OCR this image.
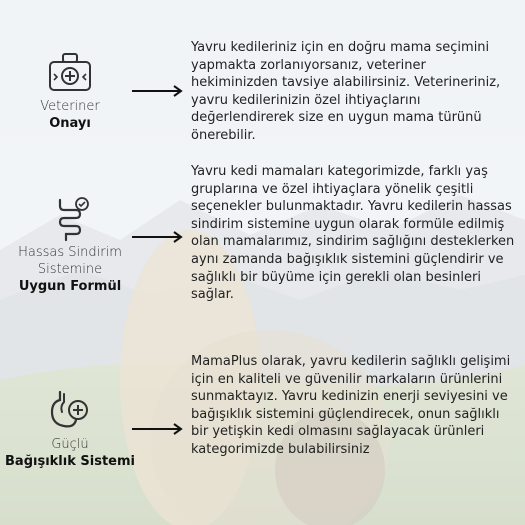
Veteriner
Onayı
Yavru kedileriniz için en doğru mama seçimini yapmakta zorlanıyorsanız, veteriner hekiminizden tavsiye alabilirsiniz. Veterineriniz, yavru kedilerinizin özel ihtiyaçlarını değerlendirerek size en uygun mama türünü önerebilir.
Hassas Sindirim
Sistemine
Uygun Formül
Yavru kedi mamaları kategorimizde, farklı yaş gruplarına ve özel ihtiyaçlara yönelik çeşitli seçenekler bulunmaktadır. Yavru kedilerin hassas sindirim sistemine uygun olarak formüle edilmiş olan mamalarımız, sindirim sağlığını desteklerken aynı zamanda bağışıklık sistemini güçlendirir ve sağlıklı bir büyüme için gerekli olan besinleri sağlar.
Güçlü
Bağışıklık Sistemi
MamaPlus olarak, yavru kedilerin sağlıklı gelişimi için en kaliteli ve güvenilir markaların ürünlerini sunmaktayız. Yavru kedinizin enerji seviyesini ve bağışıklık sistemini güçlendirecek, onun sağlıklı bir yetişkin kedi olmasını sağlayacak ürünleri kategorimizde bulabilirsiniz
